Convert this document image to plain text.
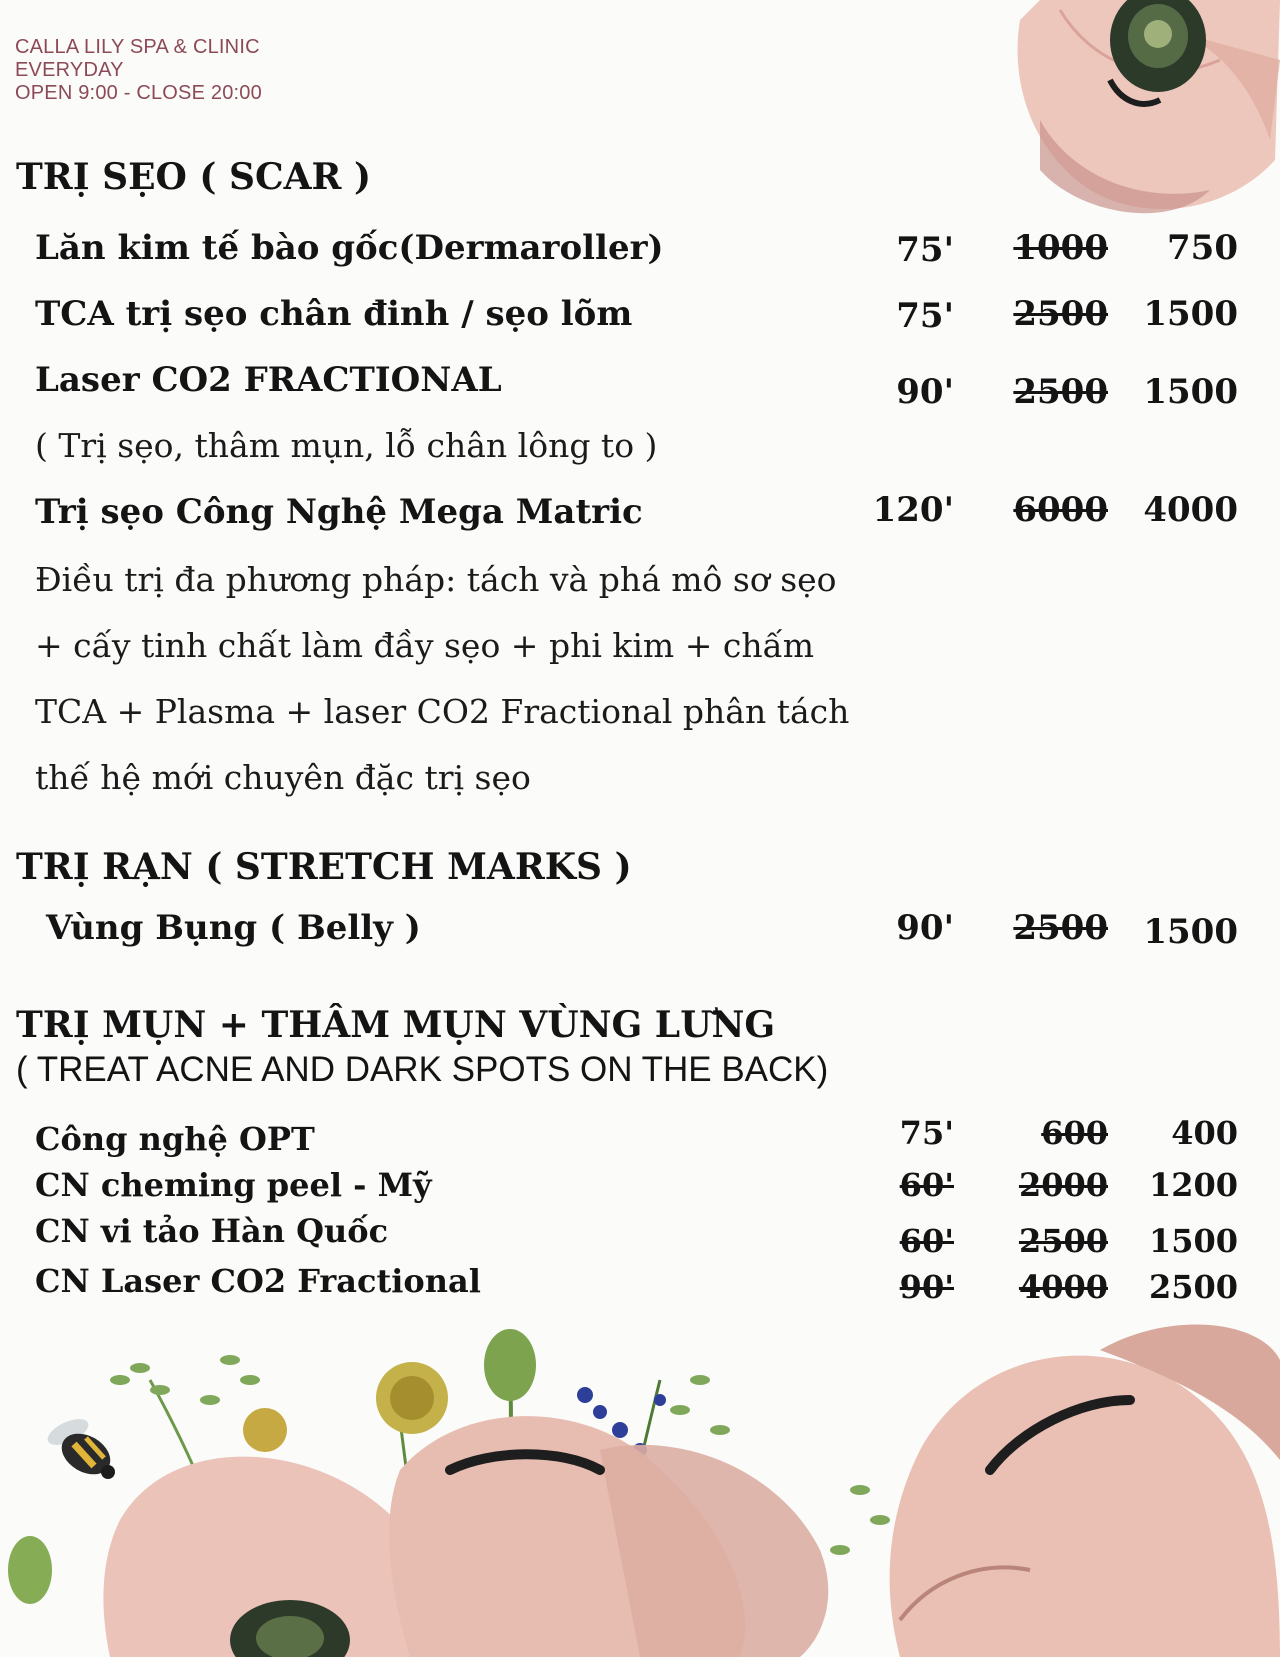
CALLA LILY SPA & CLINIC
EVERYDAY
OPEN 9:00 - CLOSE 20:00
TRỊ SẸO ( SCAR )
Lăn kim tế bào gốc(Dermaroller)	75'	1000	750
TCA trị sẹo chân đinh / sẹo lõm	75'	2500	1500
Laser CO2 FRACTIONAL	90'	2500	1500
( Trị sẹo, thâm mụn, lỗ chân lông to )
Trị sẹo Công Nghệ Mega Matric	120'	6000	4000
Điều trị đa phương pháp: tách và phá mô sơ sẹo
+ cấy tinh chất làm đầy sẹo + phi kim + chấm
TCA + Plasma + laser CO2 Fractional phân tách
thế hệ mới chuyên đặc trị sẹo
TRỊ RẠN ( STRETCH MARKS )
Vùng Bụng ( Belly )	90'	2500	1500
TRỊ MỤN + THÂM MỤN VÙNG LƯNG
( TREAT ACNE AND DARK SPOTS ON THE BACK)
Công nghệ OPT	75'	600	400
CN cheming peel - Mỹ	60'	2000	1200
CN vi tảo Hàn Quốc	60'	2500	1500
CN Laser CO2 Fractional	90'	4000	2500
